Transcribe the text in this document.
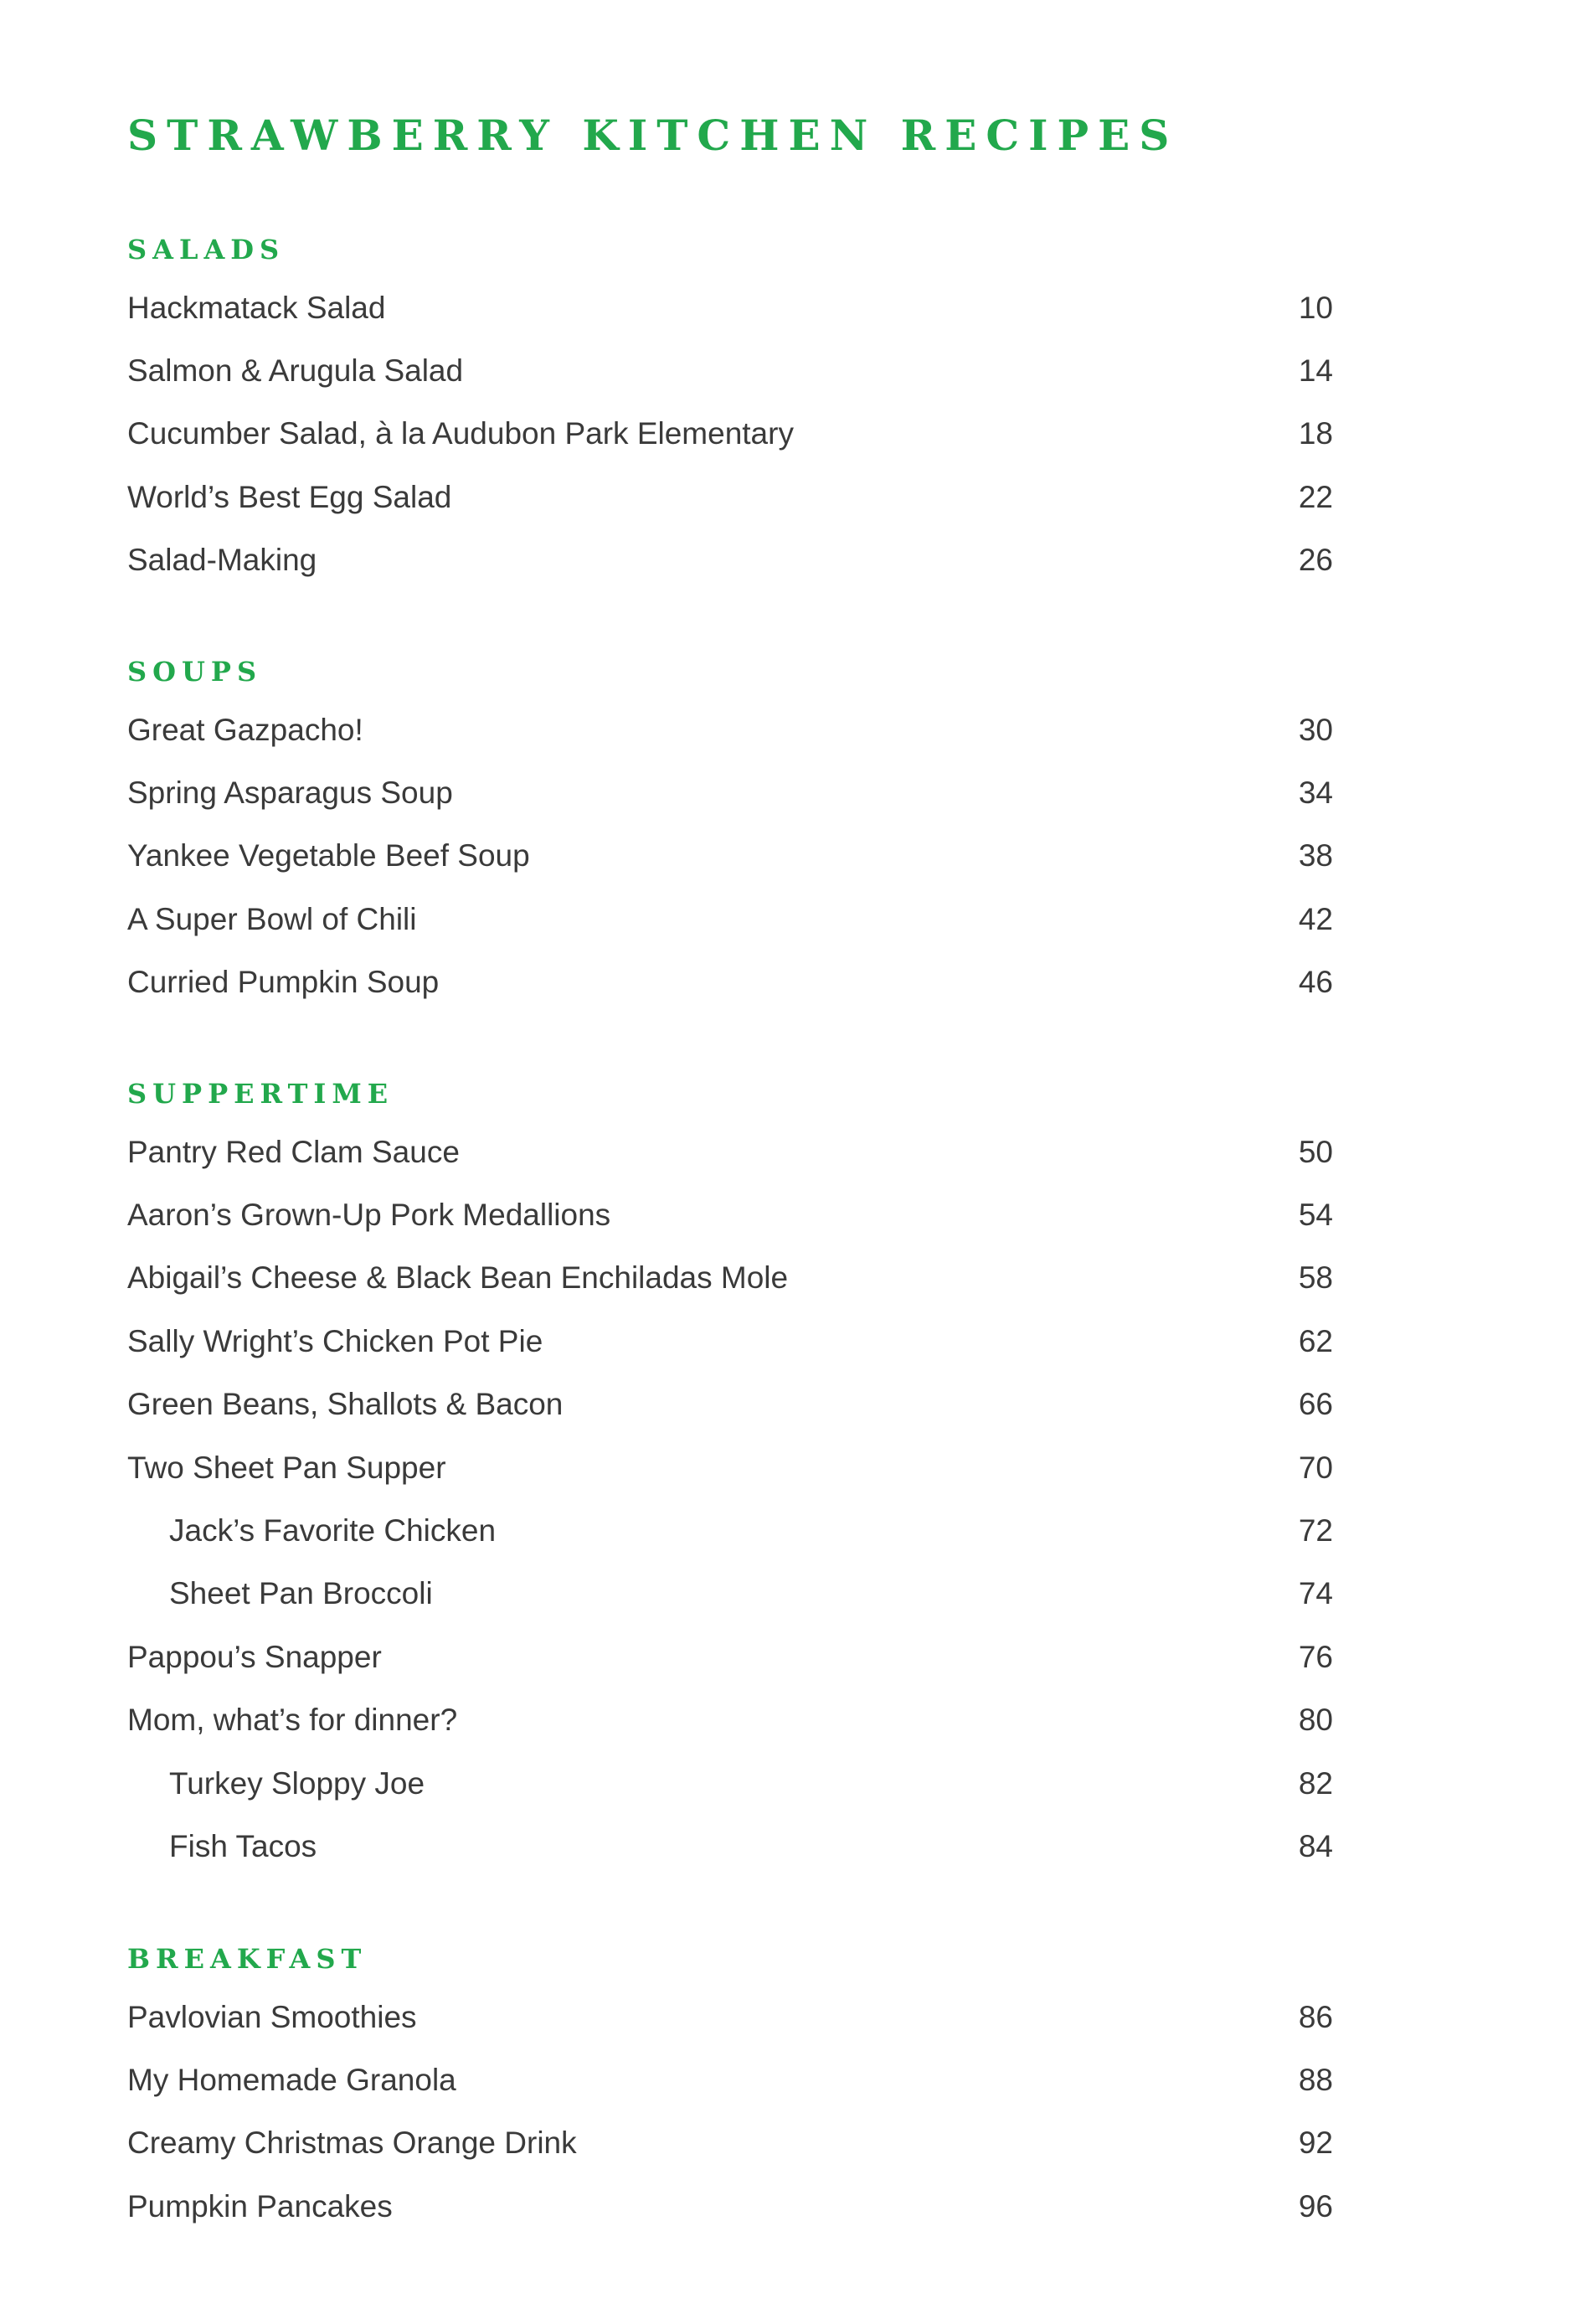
STRAWBERRY KITCHEN RECIPES
SALADS
Hackmatack Salad	10
Salmon & Arugula Salad	14
Cucumber Salad, à la Audubon Park Elementary	18
World’s Best Egg Salad	22
Salad-Making	26
SOUPS
Great Gazpacho!	30
Spring Asparagus Soup	34
Yankee Vegetable Beef Soup	38
A Super Bowl of Chili	42
Curried Pumpkin Soup	46
SUPPERTIME
Pantry Red Clam Sauce	50
Aaron’s Grown-Up Pork Medallions	54
Abigail’s Cheese & Black Bean Enchiladas Mole	58
Sally Wright’s Chicken Pot Pie	62
Green Beans, Shallots & Bacon	66
Two Sheet Pan Supper	70
Jack’s Favorite Chicken	72
Sheet Pan Broccoli	74
Pappou’s Snapper	76
Mom, what’s for dinner?	80
Turkey Sloppy Joe	82
Fish Tacos	84
BREAKFAST
Pavlovian Smoothies	86
My Homemade Granola	88
Creamy Christmas Orange Drink	92
Pumpkin Pancakes	96
